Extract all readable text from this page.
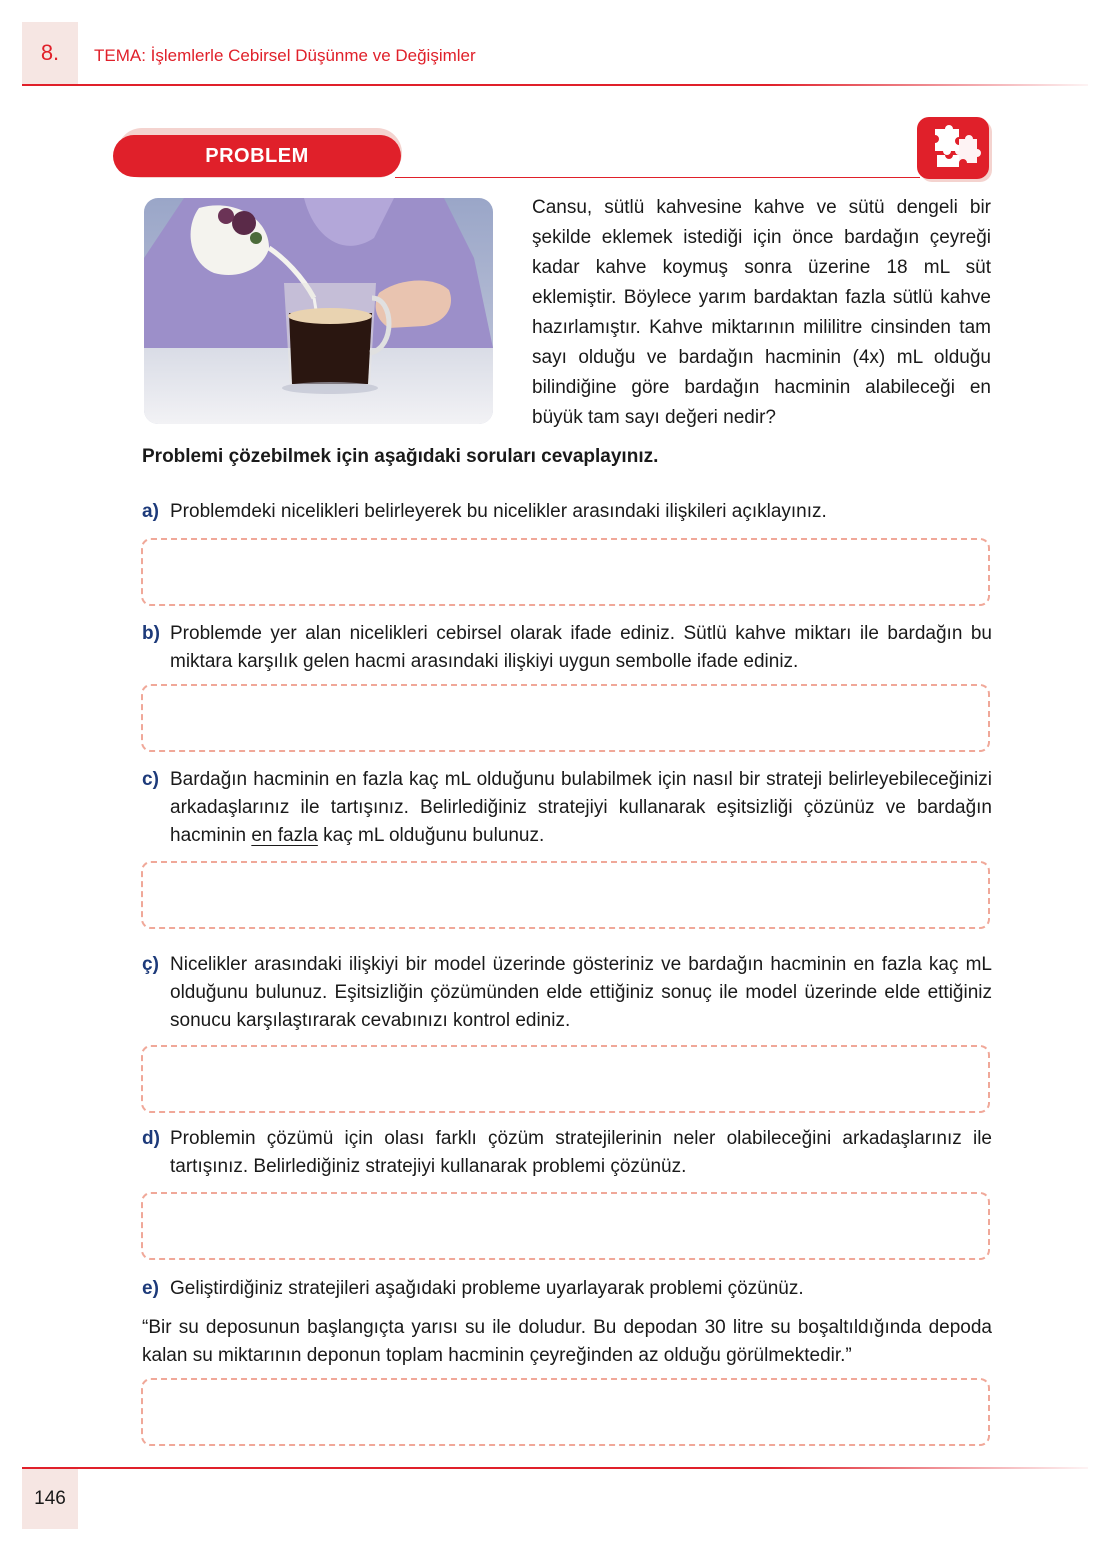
8. TEMA: İşlemlerle Cebirsel Düşünme ve Değişimler
PROBLEM
Cansu, sütlü kahvesine kahve ve sütü dengeli bir şekilde eklemek istediği için önce bardağın çeyreği kadar kahve koymuş sonra üzerine 18 mL süt eklemiştir. Böylece yarım bardaktan fazla sütlü kahve hazırlamıştır. Kahve miktarının mililitre cinsinden tam sayı olduğu ve bardağın hacminin (4x) mL olduğu bilindiğine göre bardağın hacminin alabileceği en büyük tam sayı değeri nedir?
Problemi çözebilmek için aşağıdaki soruları cevaplayınız.
a) Problemdeki nicelikleri belirleyerek bu nicelikler arasındaki ilişkileri açıklayınız.
b) Problemde yer alan nicelikleri cebirsel olarak ifade ediniz. Sütlü kahve miktarı ile bardağın bu miktara karşılık gelen hacmi arasındaki ilişkiyi uygun sembolle ifade ediniz.
c) Bardağın hacminin en fazla kaç mL olduğunu bulabilmek için nasıl bir strateji belirleyebileceğinizi arkadaşlarınız ile tartışınız. Belirlediğiniz stratejiyi kullanarak eşitsizliği çözünüz ve bardağın hacminin en fazla kaç mL olduğunu bulunuz.
ç) Nicelikler arasındaki ilişkiyi bir model üzerinde gösteriniz ve bardağın hacminin en fazla kaç mL olduğunu bulunuz. Eşitsizliğin çözümünden elde ettiğiniz sonuç ile model üzerinde elde ettiğiniz sonucu karşılaştırarak cevabınızı kontrol ediniz.
d) Problemin çözümü için olası farklı çözüm stratejilerinin neler olabileceğini arkadaşlarınız ile tartışınız. Belirlediğiniz stratejiyi kullanarak problemi çözünüz.
e) Geliştirdiğiniz stratejileri aşağıdaki probleme uyarlayarak problemi çözünüz.
“Bir su deposunun başlangıçta yarısı su ile doludur. Bu depodan 30 litre su boşaltıldığında depoda kalan su miktarının deponun toplam hacminin çeyreğinden az olduğu görülmektedir.”
146
